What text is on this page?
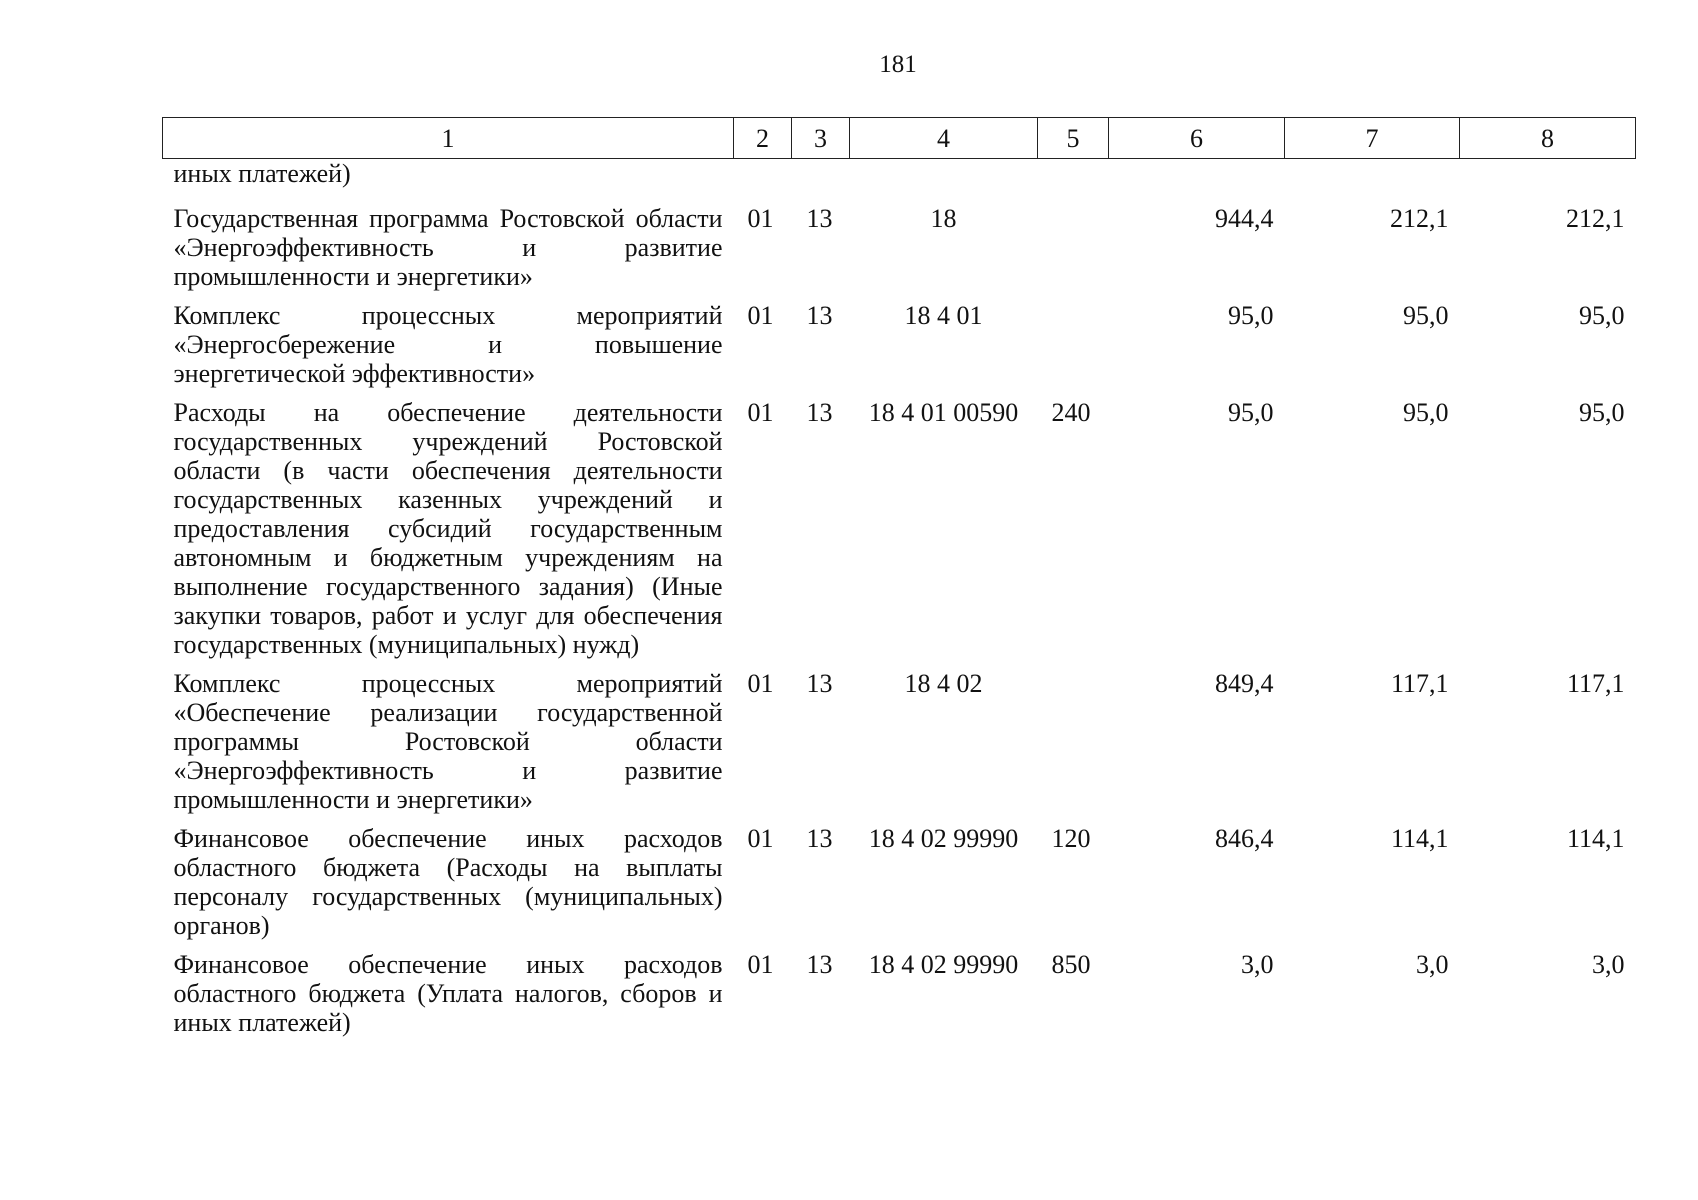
181
1	2	3	4	5	6	7	8
иных платежей)							
Государственная программа Ростовской области «Энергоэффективность и развитие промышленности и энергетики»	01	13	18		944,4	212,1	212,1
Комплекс процессных мероприятий «Энергосбережение и повышение энергетической эффективности»	01	13	18 4 01		95,0	95,0	95,0
Расходы на обеспечение деятельности государственных учреждений Ростовской области (в части обеспечения деятельности государственных казенных учреждений и предоставления субсидий государственным автономным и бюджетным учреждениям на выполнение государственного задания) (Иные закупки товаров, работ и услуг для обеспечения государственных (муниципальных) нужд)	01	13	18 4 01 00590	240	95,0	95,0	95,0
Комплекс процессных мероприятий «Обеспечение реализации государственной программы Ростовской области «Энергоэффективность и развитие промышленности и энергетики»	01	13	18 4 02		849,4	117,1	117,1
Финансовое обеспечение иных расходов областного бюджета (Расходы на выплаты персоналу государственных (муниципальных) органов)	01	13	18 4 02 99990	120	846,4	114,1	114,1
Финансовое обеспечение иных расходов областного бюджета (Уплата налогов, сборов и иных платежей)	01	13	18 4 02 99990	850	3,0	3,0	3,0
